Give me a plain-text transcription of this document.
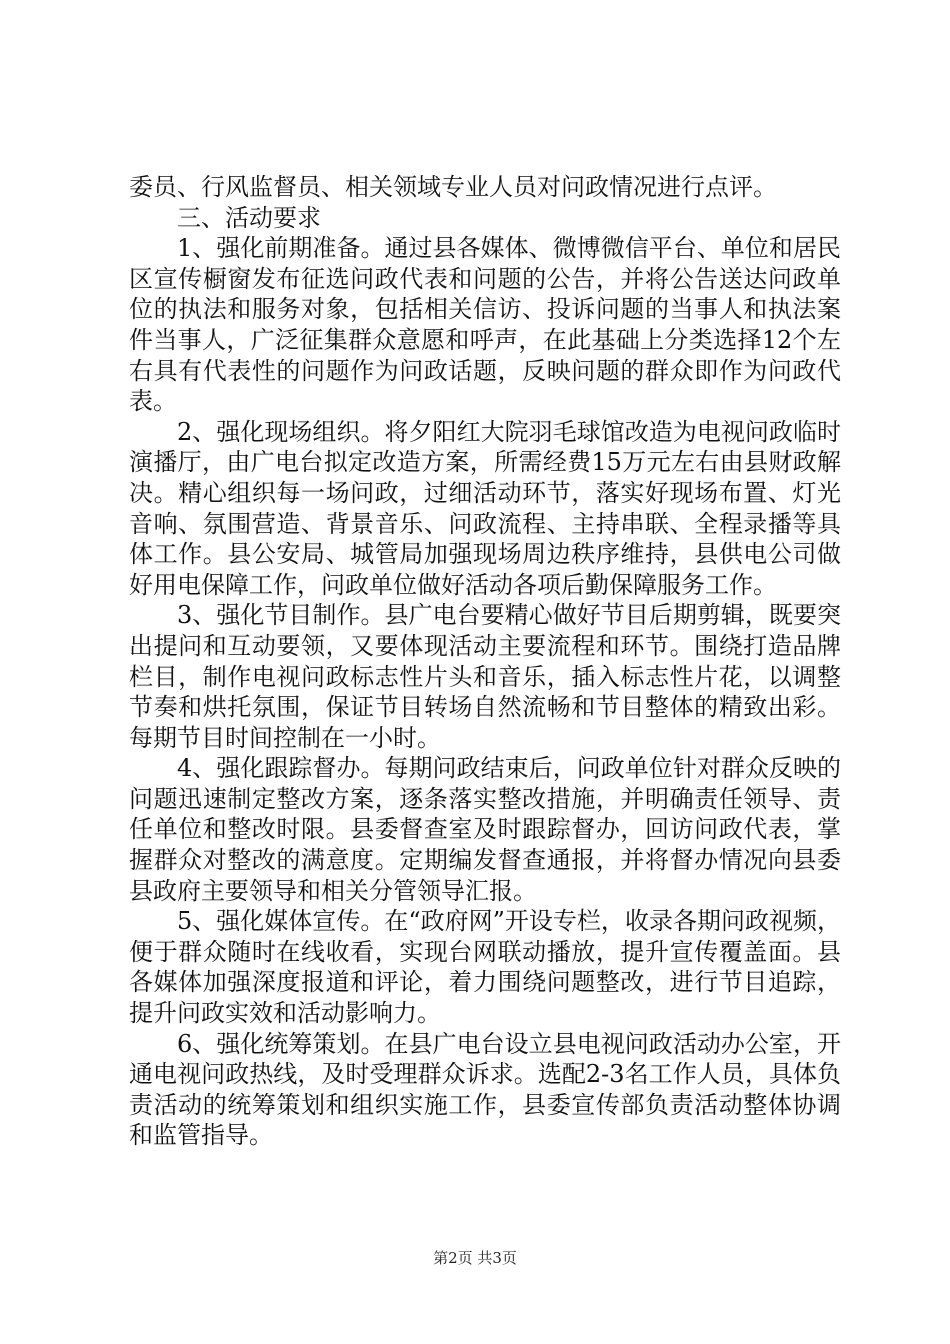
委员、行风监督员、相关领域专业人员对问政情况进行点评。

三、活动要求

1、强化前期准备。通过县各媒体、微博微信平台、单位和居民区宣传橱窗发布征选问政代表和问题的公告，并将公告送达问政单位的执法和服务对象，包括相关信访、投诉问题的当事人和执法案件当事人，广泛征集群众意愿和呼声，在此基础上分类选择12个左右具有代表性的问题作为问政话题，反映问题的群众即作为问政代表。

2、强化现场组织。将夕阳红大院羽毛球馆改造为电视问政临时演播厅，由广电台拟定改造方案，所需经费15万元左右由县财政解决。精心组织每一场问政，过细活动环节，落实好现场布置、灯光音响、氛围营造、背景音乐、问政流程、主持串联、全程录播等具体工作。县公安局、城管局加强现场周边秩序维持，县供电公司做好用电保障工作，问政单位做好活动各项后勤保障服务工作。

3、强化节目制作。县广电台要精心做好节目后期剪辑，既要突出提问和互动要领，又要体现活动主要流程和环节。围绕打造品牌栏目，制作电视问政标志性片头和音乐，插入标志性片花，以调整节奏和烘托氛围，保证节目转场自然流畅和节目整体的精致出彩。每期节目时间控制在一小时。

4、强化跟踪督办。每期问政结束后，问政单位针对群众反映的问题迅速制定整改方案，逐条落实整改措施，并明确责任领导、责任单位和整改时限。县委督查室及时跟踪督办，回访问政代表，掌握群众对整改的满意度。定期编发督查通报，并将督办情况向县委县政府主要领导和相关分管领导汇报。

5、强化媒体宣传。在“政府网”开设专栏，收录各期问政视频，便于群众随时在线收看，实现台网联动播放，提升宣传覆盖面。县各媒体加强深度报道和评论，着力围绕问题整改，进行节目追踪，提升问政实效和活动影响力。

6、强化统筹策划。在县广电台设立县电视问政活动办公室，开通电视问政热线，及时受理群众诉求。选配2-3名工作人员，具体负责活动的统筹策划和组织实施工作，县委宣传部负责活动整体协调和监管指导。

第2页 共3页
